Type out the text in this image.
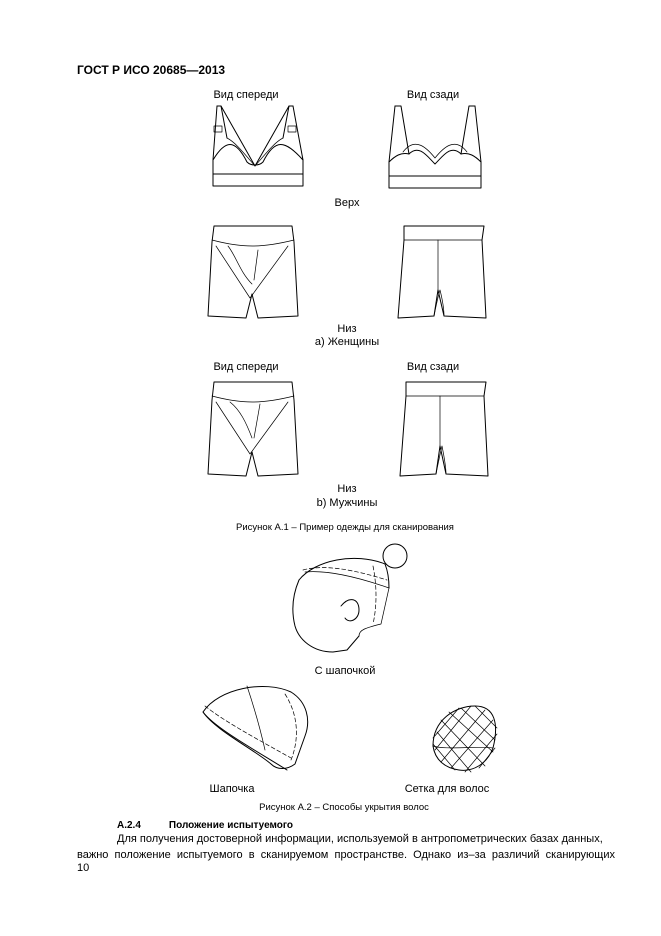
ГОСТ Р ИСО 20685—2013
Вид спереди	Вид сзади
Верх
Низ
a) Женщины
Вид спереди	Вид сзади
Низ
b) Мужчины
Рисунок А.1 – Пример одежды для сканирования
С шапочкой
Шапочка	Сетка для волос
Рисунок А.2 – Способы укрытия волос
А.2.4	Положение испытуемого
Для получения достоверной информации, используемой в антропометрических базах данных,
важно положение испытуемого в сканируемом пространстве. Однако из–за различий сканирующих
10
